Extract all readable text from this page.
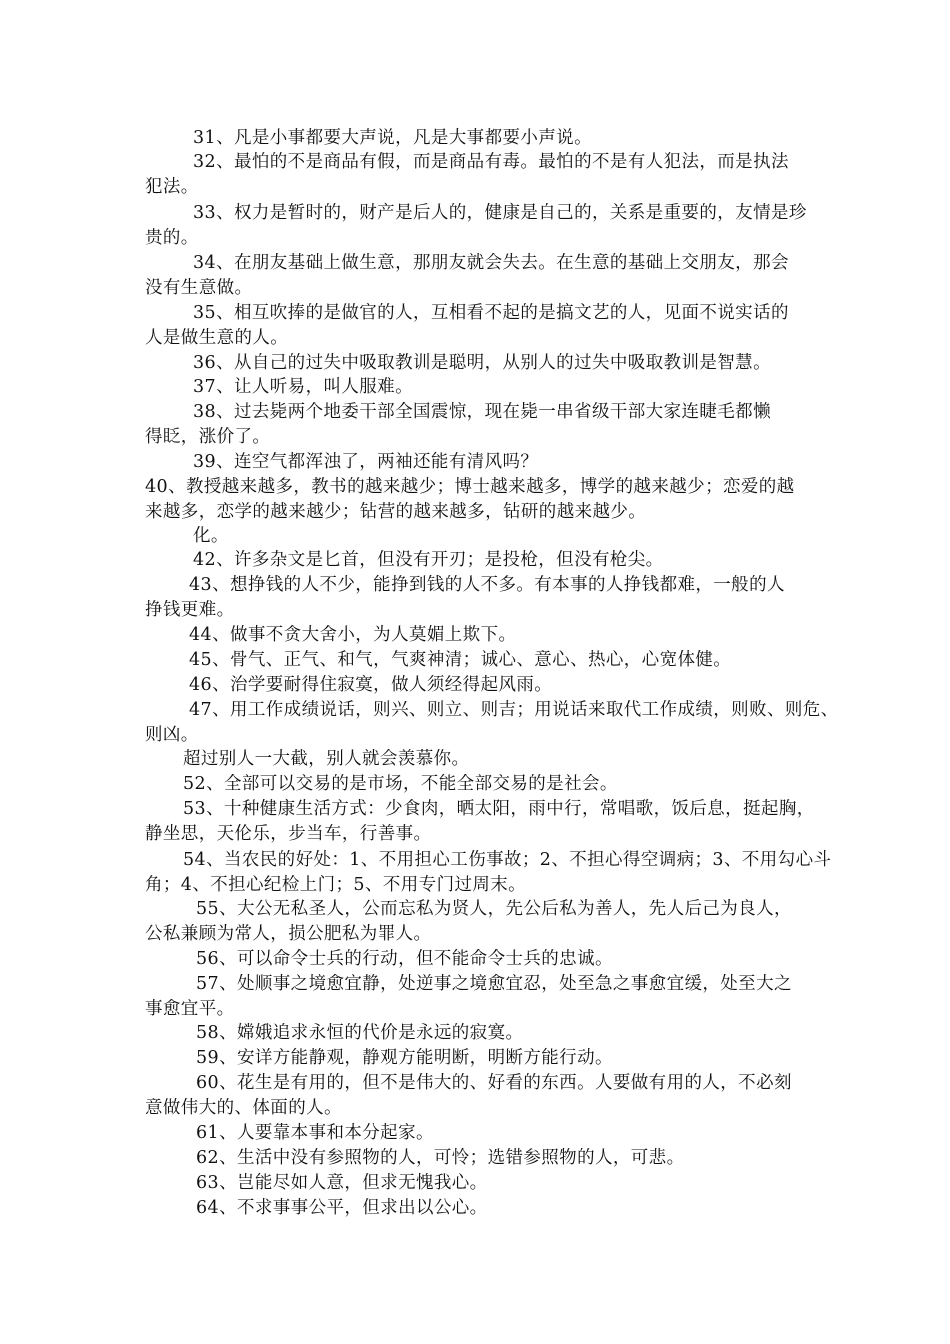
31、凡是小事都要大声说，凡是大事都要小声说。
32、最怕的不是商品有假，而是商品有毒。最怕的不是有人犯法，而是执法
犯法。
33、权力是暂时的，财产是后人的，健康是自己的，关系是重要的，友情是珍
贵的。
34、在朋友基础上做生意，那朋友就会失去。在生意的基础上交朋友，那会
没有生意做。
35、相互吹捧的是做官的人，互相看不起的是搞文艺的人，见面不说实话的
人是做生意的人。
36、从自己的过失中吸取教训是聪明，从别人的过失中吸取教训是智慧。
37、让人听易，叫人服难。
38、过去毙两个地委干部全国震惊，现在毙一串省级干部大家连睫毛都懒
得眨，涨价了。
39、连空气都浑浊了，两袖还能有清风吗？
40、教授越来越多，教书的越来越少；博士越来越多，博学的越来越少；恋爱的越
来越多，恋学的越来越少；钻营的越来越多，钻研的越来越少。
化。
42、许多杂文是匕首，但没有开刃；是投枪，但没有枪尖。
43、想挣钱的人不少，能挣到钱的人不多。有本事的人挣钱都难，一般的人
挣钱更难。
44、做事不贪大舍小，为人莫媚上欺下。
45、骨气、正气、和气，气爽神清；诚心、意心、热心，心宽体健。
46、治学要耐得住寂寞，做人须经得起风雨。
47、用工作成绩说话，则兴、则立、则吉；用说话来取代工作成绩，则败、则危、
则凶。
超过别人一大截，别人就会羡慕你。
52、全部可以交易的是市场，不能全部交易的是社会。
53、十种健康生活方式：少食肉，晒太阳，雨中行，常唱歌，饭后息，挺起胸，
静坐思，天伦乐，步当车，行善事。
54、当农民的好处：1、不用担心工伤事故；2、不担心得空调病；3、不用勾心斗
角；4、不担心纪检上门；5、不用专门过周末。
55、大公无私圣人，公而忘私为贤人，先公后私为善人，先人后己为良人，
公私兼顾为常人，损公肥私为罪人。
56、可以命令士兵的行动，但不能命令士兵的忠诚。
57、处顺事之境愈宜静，处逆事之境愈宜忍，处至急之事愈宜缓，处至大之
事愈宜平。
58、嫦娥追求永恒的代价是永远的寂寞。
59、安详方能静观，静观方能明断，明断方能行动。
60、花生是有用的，但不是伟大的、好看的东西。人要做有用的人，不必刻
意做伟大的、体面的人。
61、人要靠本事和本分起家。
62、生活中没有参照物的人，可怜；选错参照物的人，可悲。
63、岂能尽如人意，但求无愧我心。
64、不求事事公平，但求出以公心。
